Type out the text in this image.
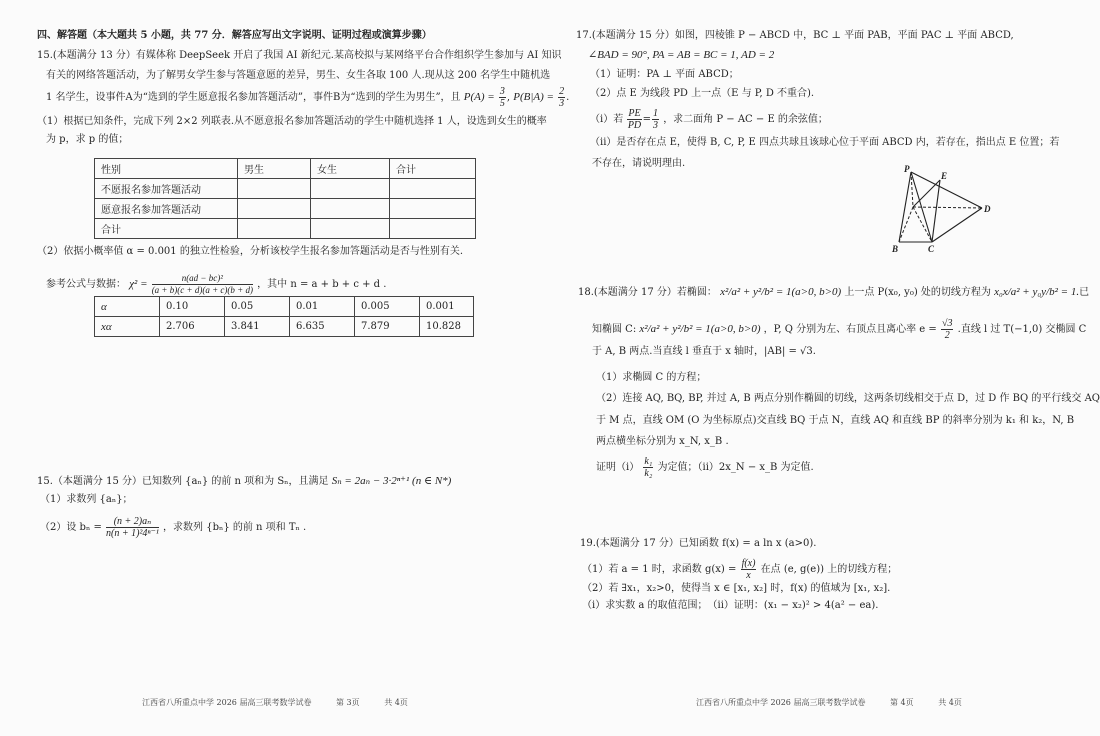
四、解答题（本大题共 5 小题，共 77 分．解答应写出文字说明、证明过程或演算步骤）
15.(本题满分 13 分）有媒体称 DeepSeek 开启了我国 AI 新纪元.某高校拟与某网络平台合作组织学生参加与 AI 知识
有关的网络答题活动，为了解男女学生参与答题意愿的差异，男生、女生各取 100 人.现从这 200 名学生中随机选
1 名学生，设事件A为“选到的学生愿意报名参加答题活动”，事件B为“选到的学生为男生”，且 $P(A) = \frac{3}{5}$ , $P(B|A) = \frac{2}{3}$ .
（1）根据已知条件，完成下列 2×2 列联表.从不愿意报名参加答题活动的学生中随机选择 1 人，设选到女生的概率
为 p，求 p 的值；
性别	男生	女生	合计
不愿报名参加答题活动			
愿意报名参加答题活动			
合计			
（2）依据小概率值 α = 0.001 的独立性检验，分析该校学生报名参加答题活动是否与性别有关.
参考公式与数据： $\chi^2 = \frac{\text{n(ad − bc)²}}{(a + b)(c + d)(a + c)(b + d)}$ ，其中 n = a + b + c + d .
α	0.10	0.05	0.01	0.005	0.001
xα	2.706	3.841	6.635	7.879	10.828
15.（本题满分 15 分）已知数列 {aₙ} 的前 n 项和为 Sₙ，且满足 Sₙ = 2aₙ − 3·2ⁿ⁺¹ (n ∈ N*)
（1）求数列 {aₙ}；
（2）设 $b_n = \frac{\text{(n + 2)aₙ}}{\text{n(n + 1)²4ⁿ⁻¹}}$ ，求数列 {bₙ} 的前 n 项和 Tₙ .
江西省八所重点中学 2026 届高三联考数学试卷	第 3页	共 4页
17.(本题满分 15 分）如图，四棱锥 P − ABCD 中，BC ⊥ 平面 PAB，平面 PAC ⊥ 平面 ABCD,
∠BAD = 90°, PA = AB = BC = 1, AD = 2
（1）证明：PA ⊥ 平面 ABCD；
（2）点 E 为线段 PD 上一点（E 与 P, D 不重合).
（i）若 $\frac{PE}{PD} = \frac{1}{3}$ ，求二面角 P − AC − E 的余弦值；
（ii）是否存在点 E，使得 B, C, P, E 四点共球且该球心位于平面 ABCD 内，若存在，指出点 E 位置；若
不存在，请说明理由.	P
E
D
B	C
18.(本题满分 17 分）若椭圆： x²/a² + y²/b² = 1(a>0, b>0) 上一点 P(x₀, y₀) 处的切线方程为 x₀x/a² + y₀y/b² = 1.已
知椭圆 C: x²/a² + y²/b² = 1(a>0, b>0) ，P, Q 分别为左、右顶点且离心率 $e = \frac{√3}{2}$ .直线 l 过 T(−1,0) 交椭圆 C
于 A, B 两点.当直线 l 垂直于 x 轴时，|AB| = √3.
（1）求椭圆 C 的方程；
（2）连接 AQ, BQ, BP, 并过 A, B 两点分别作椭圆的切线，这两条切线相交于点 D，过 D 作 BQ 的平行线交 AQ
于 M 点，直线 OM (O 为坐标原点)交直线 BQ 于点 N，直线 AQ 和直线 BP 的斜率分别为 k₁ 和 k₂，N, B
两点横坐标分别为 x_N, x_B .
证明$(i) \frac{\text{k₁}}{\text{k₂}}$ 为定值；（ii）2x_N − x_B 为定值.
19.(本题满分 17 分）已知函数 f(x) = a ln x (a>0).
（1）若 a = 1 时，求函数 $g(x) = \frac{f(x)}{x}$ 在点 (e, g(e)) 上的切线方程；
（2）若 ∃x₁，x₂>0，使得当 x ∈ [x₁, x₂] 时，f(x) 的值域为 [x₁, x₂].
（i）求实数 a 的取值范围；　（ii）证明：(x₁ − x₂)² > 4(a² − ea).
江西省八所重点中学 2026 届高三联考数学试卷	第 4页	共 4页
